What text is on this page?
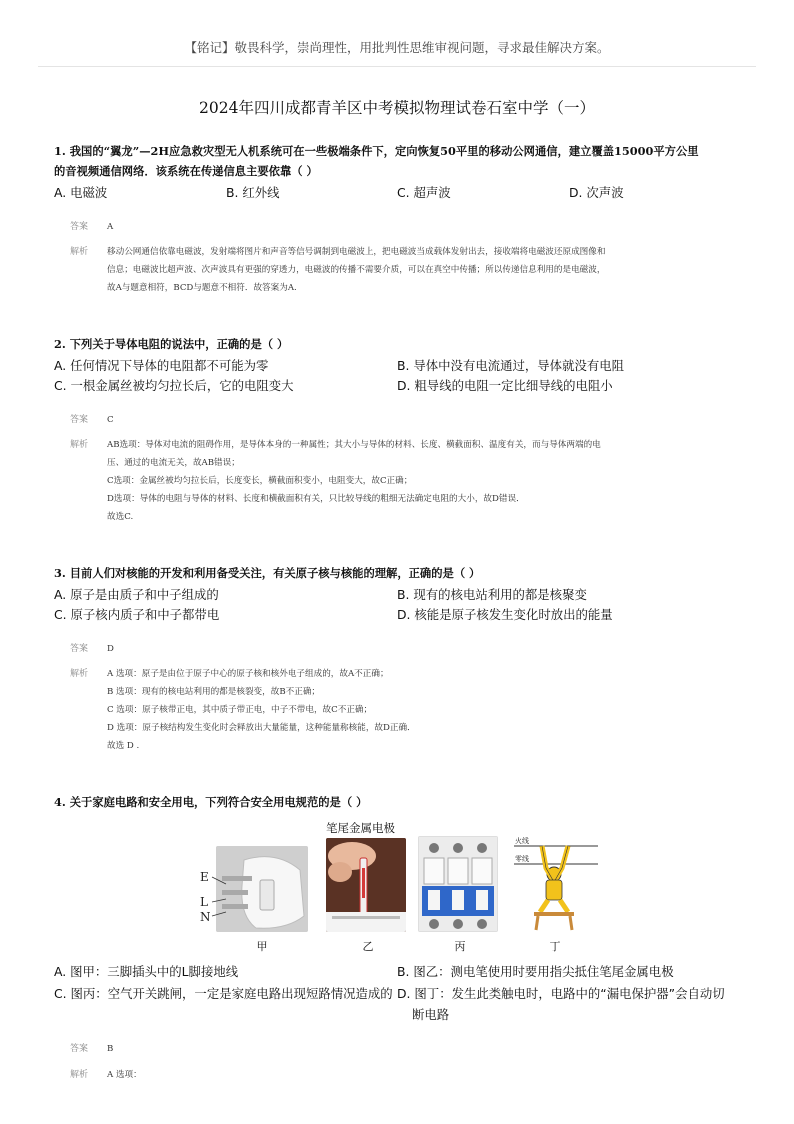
【铭记】敬畏科学，崇尚理性，用批判性思维审视问题，寻求最佳解决方案。
2024年四川成都青羊区中考模拟物理试卷石室中学（一）
1. 我国的“翼龙”—2H应急救灾型无人机系统可在一些极端条件下，定向恢复50平里的移动公网通信，建立覆盖15000平方公里
的音视频通信网络．该系统在传递信息主要依靠（ ）
A. 电磁波	B. 红外线	C. 超声波	D. 次声波
答案 A
解析 移动公网通信依靠电磁波，发射端将图片和声音等信号调制到电磁波上，把电磁波当成载体发射出去，接收端将电磁波还原成图像和
信息；电磁波比超声波、次声波具有更强的穿透力，电磁波的传播不需要介质，可以在真空中传播；所以传递信息利用的是电磁波，
故A与题意相符，BCD与题意不相符．故答案为A.
2. 下列关于导体电阻的说法中，正确的是（ ）
A. 任何情况下导体的电阻都不可能为零	B. 导体中没有电流通过，导体就没有电阻
C. 一根金属丝被均匀拉长后，它的电阻变大	D. 粗导线的电阻一定比细导线的电阻小
答案 C
解析 AB选项：导体对电流的阻碍作用，是导体本身的一种属性；其大小与导体的材料、长度、横截面积、温度有关，而与导体两端的电
压、通过的电流无关，故AB错误；
C选项：金属丝被均匀拉长后，长度变长，横截面积变小，电阻变大，故C正确；
D选项：导体的电阻与导体的材料、长度和横截面积有关，只比较导线的粗细无法确定电阻的大小，故D错误．
故选C.
3. 目前人们对核能的开发和利用备受关注，有关原子核与核能的理解，正确的是（ ）
A. 原子是由质子和中子组成的	B. 现有的核电站利用的都是核聚变
C. 原子核内质子和中子都带电	D. 核能是原子核发生变化时放出的能量
答案 D
解析 A 选项：原子是由位于原子中心的原子核和核外电子组成的，故A不正确；
B 选项：现有的核电站利用的都是核裂变，故B不正确；
C 选项：原子核带正电，其中质子带正电，中子不带电，故C不正确；
D 选项：原子核结构发生变化时会释放出大量能量，这种能量称核能，故D正确．
故选 D .
4. 关于家庭电路和安全用电，下列符合安全用电规范的是（ ）
笔尾金属电极
E
L
N
甲	乙	丙
火线
零线
丁
A. 图甲：三脚插头中的L脚接地线	B. 图乙：测电笔使用时要用指尖抵住笔尾金属电极
C. 图丙：空气开关跳闸，一定是家庭电路出现短路情况造成的 D. 图丁：发生此类触电时，电路中的“漏电保护器”会自动切
断电路
答案 B
解析 A 选项：
